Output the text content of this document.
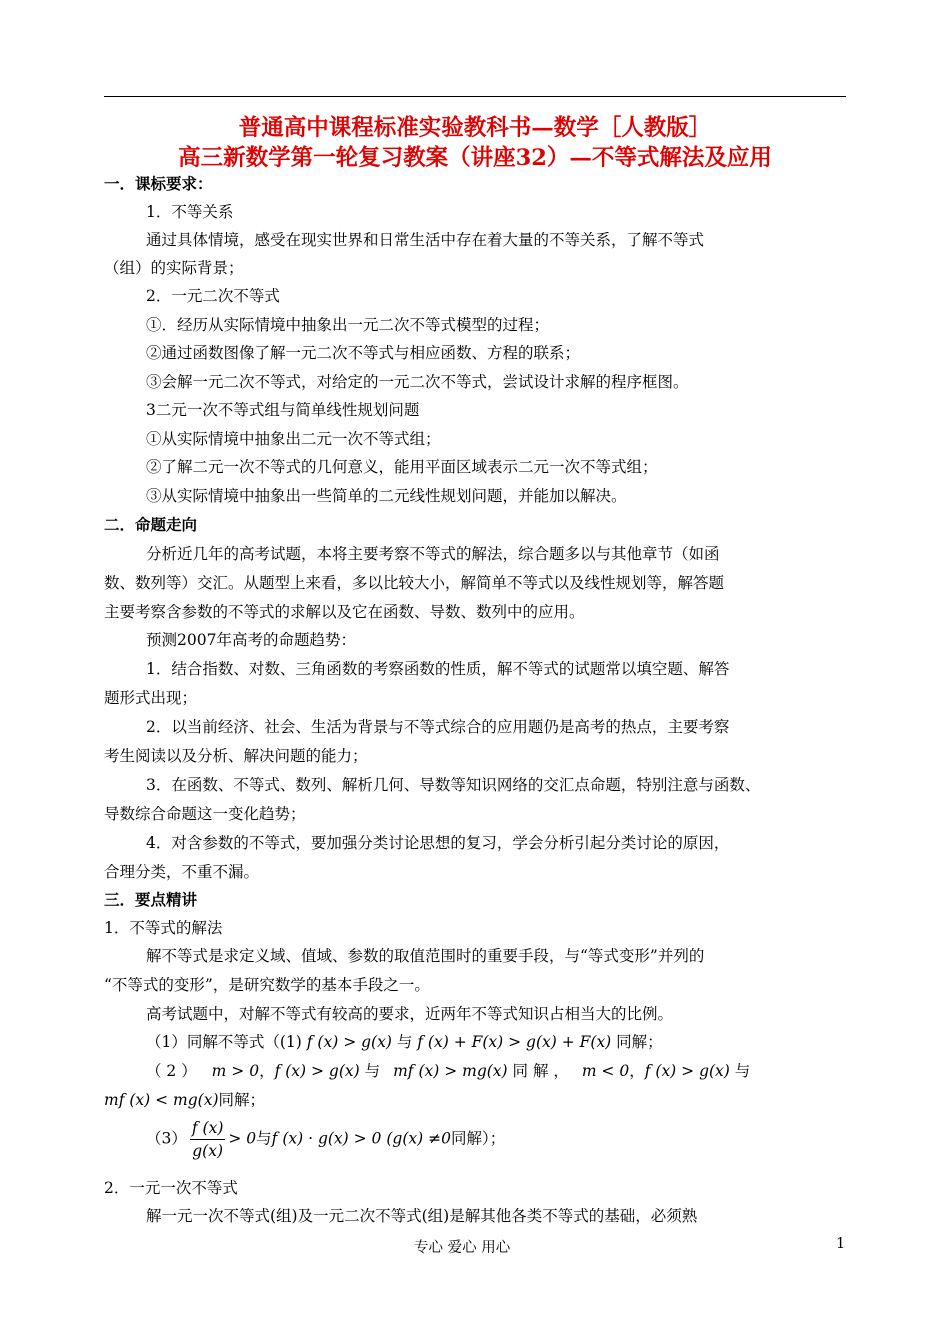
普通高中课程标准实验教科书—数学［人教版］
高三新数学第一轮复习教案（讲座32）—不等式解法及应用
一．课标要求：
1．不等关系
通过具体情境，感受在现实世界和日常生活中存在着大量的不等关系，了解不等式
（组）的实际背景；
2．一元二次不等式
①．经历从实际情境中抽象出一元二次不等式模型的过程；
②通过函数图像了解一元二次不等式与相应函数、方程的联系；
③会解一元二次不等式，对给定的一元二次不等式，尝试设计求解的程序框图。
3二元一次不等式组与简单线性规划问题
①从实际情境中抽象出二元一次不等式组；
②了解二元一次不等式的几何意义，能用平面区域表示二元一次不等式组；
③从实际情境中抽象出一些简单的二元线性规划问题，并能加以解决。
二．命题走向
分析近几年的高考试题，本将主要考察不等式的解法，综合题多以与其他章节（如函
数、数列等）交汇。从题型上来看，多以比较大小，解简单不等式以及线性规划等，解答题
主要考察含参数的不等式的求解以及它在函数、导数、数列中的应用。
预测2007年高考的命题趋势：
1．结合指数、对数、三角函数的考察函数的性质，解不等式的试题常以填空题、解答
题形式出现；
2．以当前经济、社会、生活为背景与不等式综合的应用题仍是高考的热点，主要考察
考生阅读以及分析、解决问题的能力；
3．在函数、不等式、数列、解析几何、导数等知识网络的交汇点命题，特别注意与函数、
导数综合命题这一变化趋势；
4．对含参数的不等式，要加强分类讨论思想的复习，学会分析引起分类讨论的原因，
合理分类，不重不漏。
三．要点精讲
1．不等式的解法
解不等式是求定义域、值域、参数的取值范围时的重要手段，与“等式变形”并列的
“不等式的变形”，是研究数学的基本手段之一。
高考试题中，对解不等式有较高的要求，近两年不等式知识占相当大的比例。
（1）同解不等式（(1) f (x) > g(x) 与 f (x) + F(x) > g(x) + F(x) 同解；
（ 2 ） m > 0，f (x) > g(x) 与 mf (x) > mg(x) 同 解 ， m < 0，f (x) > g(x) 与
mf (x) < mg(x)同解；
$(3) \frac{f (x)}{g(x)} > 0$与f (x) · g(x) > 0 (g(x) ≠0同解）；
2．一元一次不等式
解一元一次不等式(组)及一元二次不等式(组)是解其他各类不等式的基础，必须熟
专心 爱心 用心	1
